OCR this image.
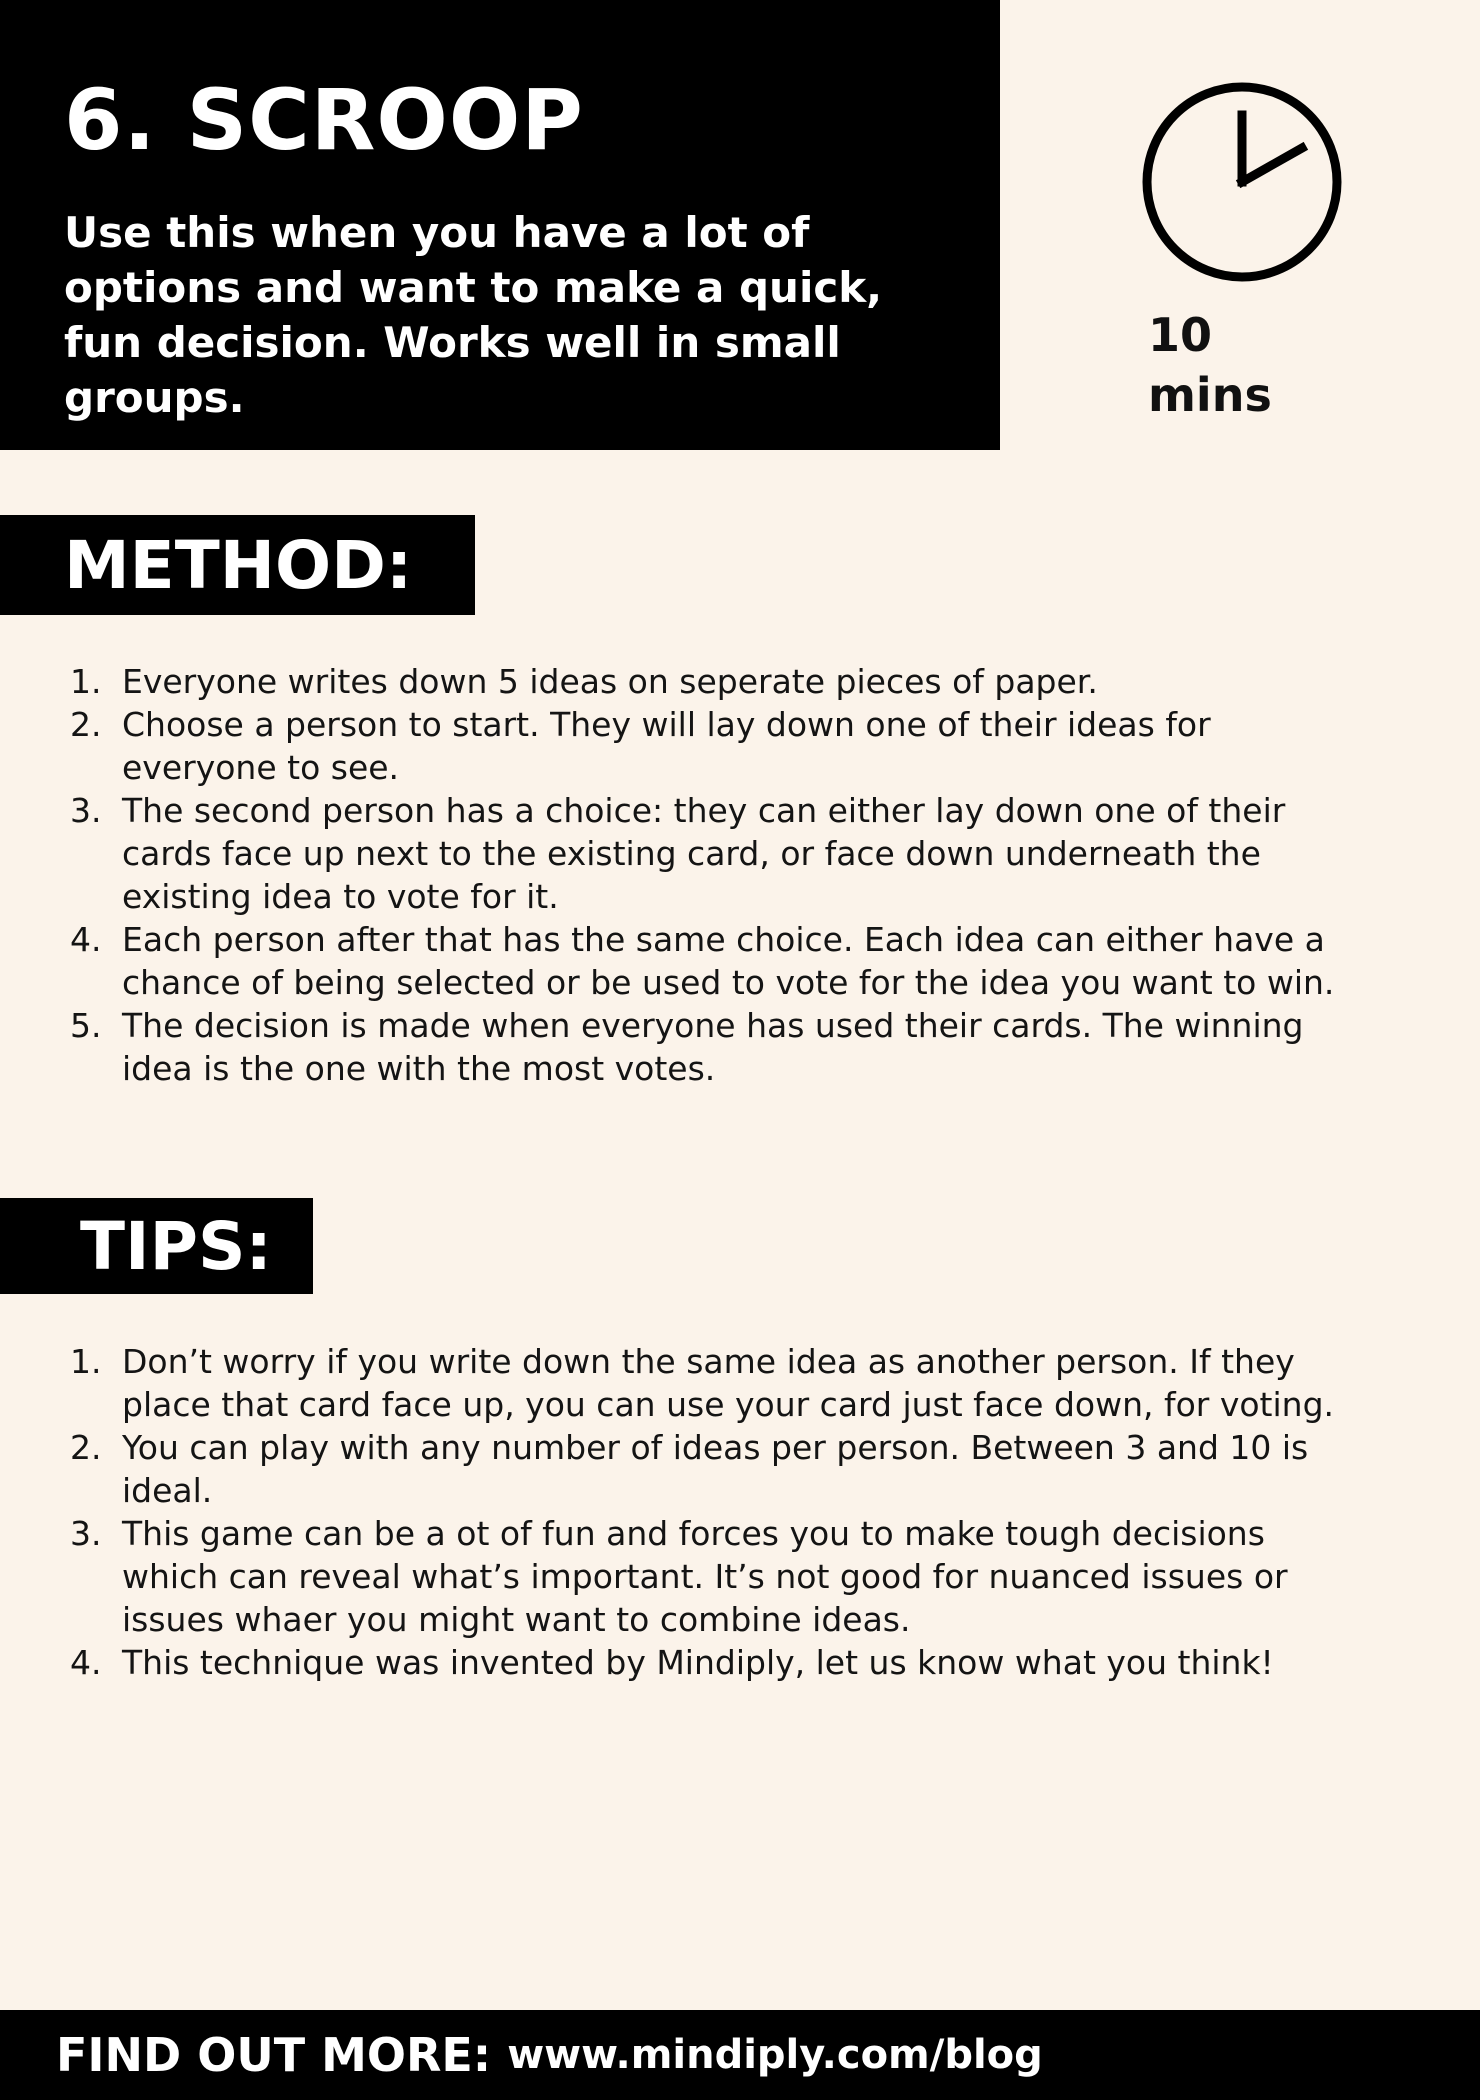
6. SCROOP

Use this when you have a lot of options and want to make a quick, fun decision. Works well in small groups.

10
mins
METHOD:
1. Everyone writes down 5 ideas on seperate pieces of paper.
2. Choose a person to start. They will lay down one of their ideas for everyone to see.
3. The second person has a choice: they can either lay down one of their cards face up next to the existing card, or face down underneath the existing idea to vote for it.
4. Each person after that has the same choice. Each idea can either have a chance of being selected or be used to vote for the idea you want to win.
5. The decision is made when everyone has used their cards. The winning idea is the one with the most votes.
TIPS:
1. Don’t worry if you write down the same idea as another person. If they place that card face up, you can use your card just face down, for voting.
2. You can play with any number of ideas per person. Between 3 and 10 is ideal.
3. This game can be a ot of fun and forces you to make tough decisions which can reveal what’s important. It’s not good for nuanced issues or issues whaer you might want to combine ideas.
4. This technique was invented by Mindiply, let us know what you think!
FIND OUT MORE: www.mindiply.com/blog
